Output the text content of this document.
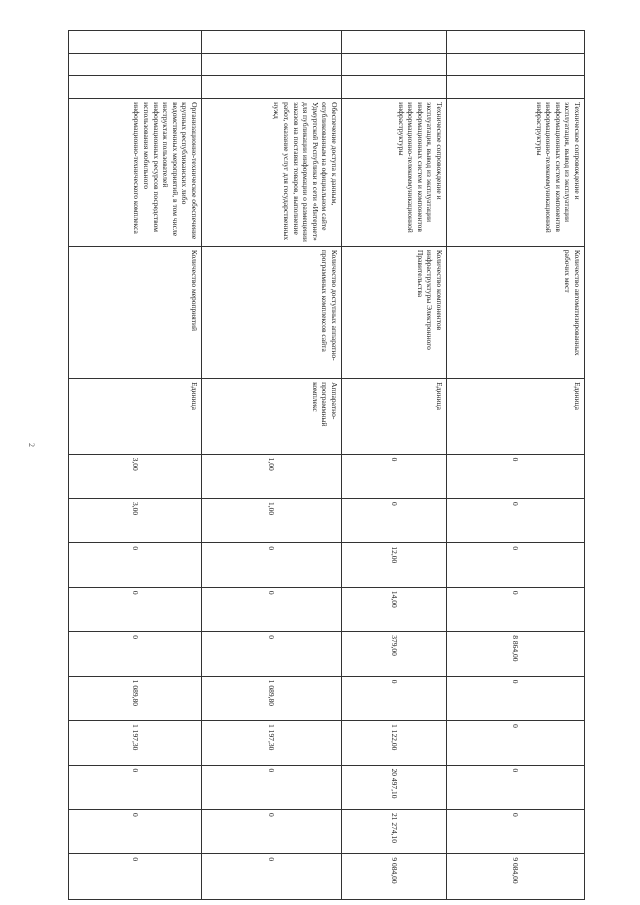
2
			Техническое сопровождение и эксплуатация, вывод из эксплуатации информационных систем и компонентов информационно-телекоммуникационной инфраструктуры	Количество автоматизированных рабочих мест	Единица	0	0	0	0	8 864,00	0	0	0	0	9 084,00
			Техническое сопровождение и эксплуатация, вывод из эксплуатации информационных систем и компонентов информационно-телекоммуникационной инфраструктуры	Количество компонентов инфраструктуры Электронного Правительства	Единица	0	0	12,00	14,00	379,00	0	1 122,00	20 497,10	21 274,10	9 084,00
			Обеспечение доступа к данным, опубликованным на официальном сайте Удмуртской Республики в сети «Интернет» для публикации информации о размещении заказов на поставки товаров, выполнение работ, оказание услуг для государственных нужд	Количество доступных аппаратно-программных комплексов сайта	Аппаратно-программный комплекс	1,00	1,00	0	0	0	1 089,80	1 197,30	0	0	0
			Организационно-техническое обеспечение крупных республиканских либо ведомственных мероприятий, в том числе инструктаж пользователей информационных ресурсов посредством использования мобильного информационно-технического комплекса	Количество мероприятий	Единица	3,00	3,00	0	0	0	1 089,80	1 197,30	0	0	0
